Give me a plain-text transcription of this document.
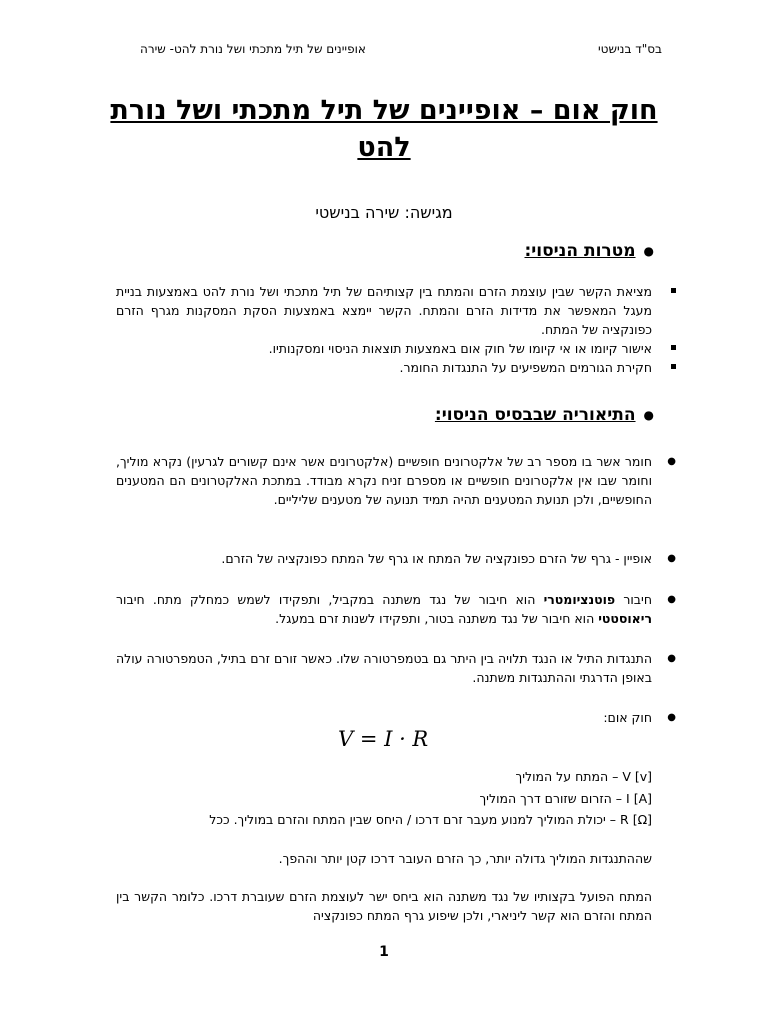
בס"ד בנישטי
אופיינים של תיל מתכתי ושל נורת להט- שירה
חוק אום – אופיינים של תיל מתכתי ושל נורת להט
מגישה: שירה בנישטי
●מטרות הניסוי:
מציאת הקשר שבין עוצמת הזרם והמתח בין קצותיהם של תיל מתכתי ושל נורת להט באמצעות בניית מעגל המאפשר את מדידות הזרם והמתח. הקשר יימצא באמצעות הסקת המסקנות מגרף הזרם כפונקציה של המתח.
אישור קיומו או אי קיומו של חוק אום באמצעות תוצאות הניסוי ומסקנותיו.
חקירת הגורמים המשפיעים על התנגדות החומר.
●התיאוריה שבבסיס הניסוי:
●
חומר אשר בו מספר רב של אלקטרונים חופשיים (אלקטרונים אשר אינם קשורים לגרעין) נקרא מוליך, וחומר שבו אין אלקטרונים חופשיים או מספרם זניח נקרא מבודד. במתכת האלקטרונים הם המטענים החופשיים, ולכן תנועת המטענים תהיה תמיד תנועה של מטענים שליליים.
●
אופיין - גרף של הזרם כפונקציה של המתח או גרף של המתח כפונקציה של הזרם.
●
חיבור פוטנציומטרי הוא חיבור של נגד משתנה במקביל, ותפקידו לשמש כמחלק מתח. חיבור ריאוסטטי הוא חיבור של נגד משתנה בטור, ותפקידו לשנות זרם במעגל.
●
התנגדות התיל או הנגד תלויה בין היתר גם בטמפרטורה שלו. כאשר זורם זרם בתיל, הטמפרטורה עולה באופן הדרגתי וההתנגדות משתנה.
●
חוק אום:
V = I · R
V [v] – המתח על המוליך
I [A] – הזרום שזורם דרך המוליך
R [Ω] – יכולת המוליך למנוע מעבר זרם דרכו / היחס שבין המתח והזרם במוליך. ככל
שההתנגדות המוליך גדולה יותר, כך הזרם העובר דרכו קטן יותר וההפך.
המתח הפועל בקצותיו של נגד משתנה הוא ביחס ישר לעוצמת הזרם שעוברת דרכו. כלומר הקשר בין המתח והזרם הוא קשר ליניארי, ולכן שיפוע גרף המתח כפונקציה
1
